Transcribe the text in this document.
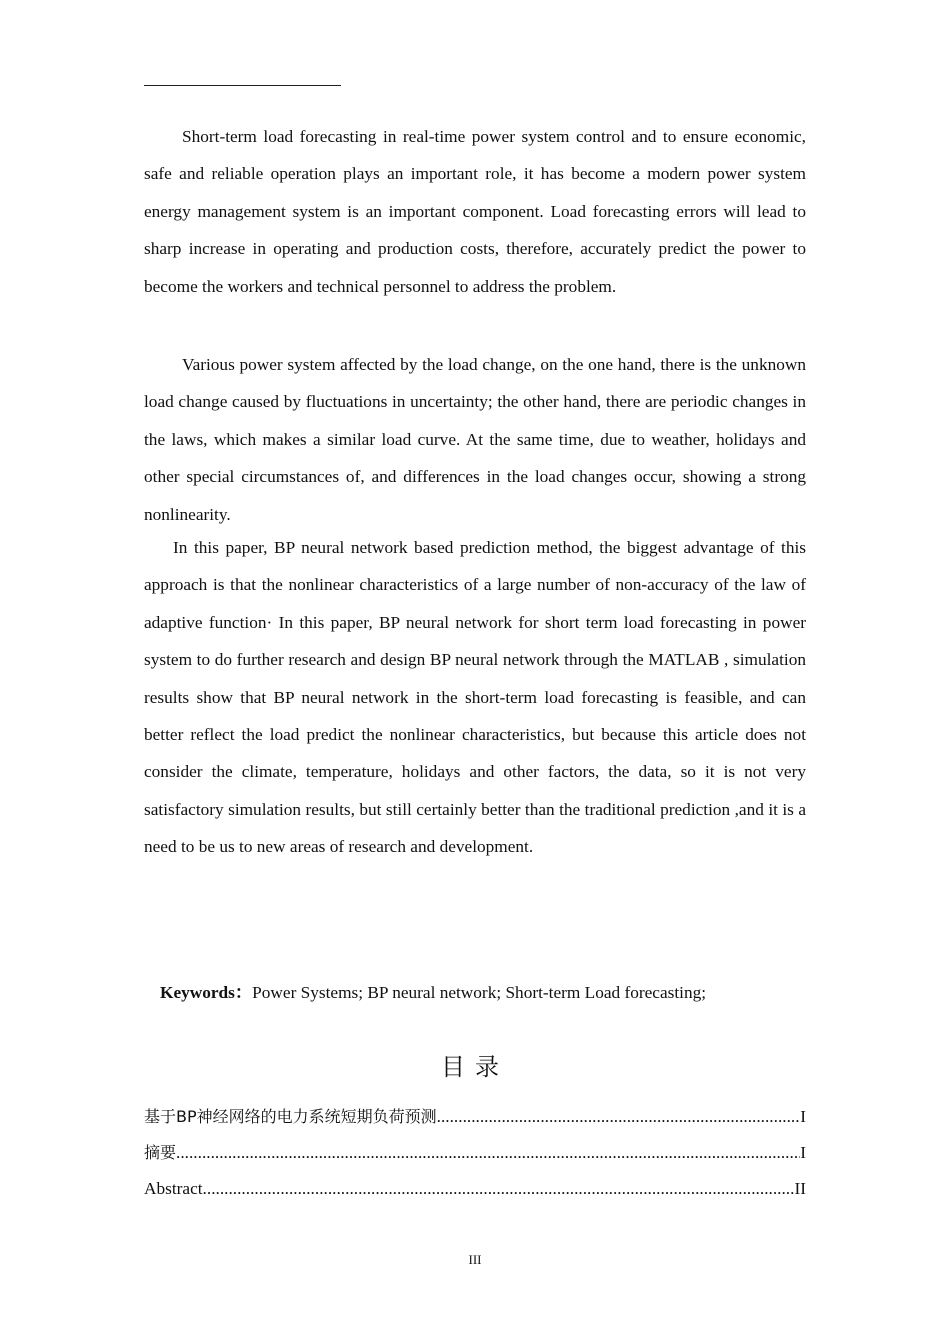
Short-term load forecasting in real-time power system control and to ensure economic, safe and reliable operation plays an important role, it has become a modern power system energy management system is an important component. Load forecasting errors will lead to sharp increase in operating and production costs, therefore, accurately predict the power to become the workers and technical personnel to address the problem.

Various power system affected by the load change, on the one hand, there is the unknown load change caused by fluctuations in uncertainty; the other hand, there are periodic changes in the laws, which makes a similar load curve. At the same time, due to weather, holidays and other special circumstances of, and differences in the load changes occur, showing a strong nonlinearity.

In this paper, BP neural network based prediction method, the biggest advantage of this approach is that the nonlinear characteristics of a large number of non-accuracy of the law of adaptive function· In this paper, BP neural network for short term load forecasting in power system to do further research and design BP neural network through the MATLAB , simulation results show that BP neural network in the short-term load forecasting is feasible, and can better reflect the load predict the nonlinear characteristics, but because this article does not consider the climate, temperature, holidays and other factors, the data, so it is not very satisfactory simulation results, but still certainly better than the traditional prediction ,and it is a need to be us to new areas of research and development.

Keywords：Power Systems; BP neural network; Short-term Load forecasting;
目录
基于BP神经网络的电力系统短期负荷预测 .....	I
摘要 .....	I
Abstract .....	II
III
